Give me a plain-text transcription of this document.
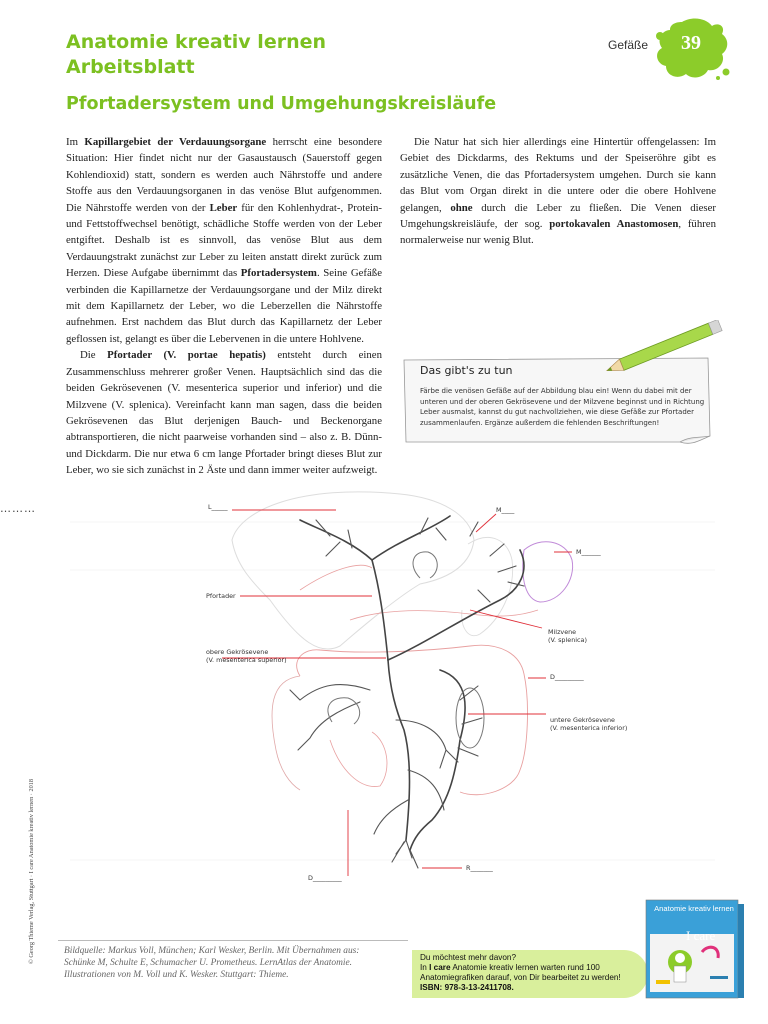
Anatomie kreativ lernen
Arbeitsblatt
Gefäße	39
Pfortadersystem und Umgehungskreisläufe

Im Kapillargebiet der Verdauungsorgane herrscht eine besondere Situation: Hier findet nicht nur der Gasaustausch (Sauerstoff gegen Kohlendioxid) statt, sondern es werden auch Nährstoffe und andere Stoffe aus den Verdauungsorganen in das venöse Blut aufgenommen. Die Nährstoffe werden von der Leber für den Kohlenhydrat-, Protein- und Fettstoffwechsel benötigt, schädliche Stoffe werden von der Leber entgiftet. Deshalb ist es sinnvoll, das venöse Blut aus dem Verdauungstrakt zunächst zur Leber zu leiten anstatt direkt zurück zum Herzen. Diese Aufgabe übernimmt das Pfortadersystem. Seine Gefäße verbinden die Kapillarnetze der Verdauungsorgane und der Milz direkt mit dem Kapillarnetz der Leber, wo die Leberzellen die Nährstoffe aufnehmen. Erst nachdem das Blut durch das Kapillarnetz der Leber geflossen ist, gelangt es über die Lebervenen in die untere Hohlvene.

Die Pfortader (V. portae hepatis) entsteht durch einen Zusammenschluss mehrerer großer Venen. Hauptsächlich sind das die beiden Gekrösevenen (V. mesenterica superior und inferior) und die Milzvene (V. splenica). Vereinfacht kann man sagen, dass die beiden Gekrösevenen das Blut derjenigen Bauch- und Beckenorgane abtransportieren, die nicht paarweise vorhanden sind – also z. B. Dünn- und Dickdarm. Die nur etwa 6 cm lange Pfortader bringt dieses Blut zur Leber, wo sie sich zunächst in 2 Äste und dann immer weiter aufzweigt.

Die Natur hat sich hier allerdings eine Hintertür offengelassen: Im Gebiet des Dickdarms, des Rektums und der Speiseröhre gibt es zusätzliche Venen, die das Pfortadersystem umgehen. Durch sie kann das Blut vom Organ direkt in die untere oder die obere Hohlvene gelangen, ohne durch die Leber zu fließen. Die Venen dieser Umgehungskreisläufe, der sog. portokavalen Anastomosen, führen normalerweise nur wenig Blut.

Das gibt's zu tun
Färbe die venösen Gefäße auf der Abbildung blau ein! Wenn du dabei mit der unteren und der oberen Gekrösevene und der Milzvene beginnst und in Richtung Leber ausmalst, kannst du gut nachvollziehen, wie diese Gefäße zur Pfortader zusammenlaufen. Ergänze außerdem die fehlenden Beschriftungen!
………	L_____	M____
M______
Pfortader
obere Gekrösevene
(V. mesenterica superior)
Milzvene
(V. splenica)
D_________
untere Gekrösevene
(V. mesenterica inferior)
R_______
D_________
© Georg Thieme Verlag, Stuttgart · I care Anatomie kreativ lernen · 2018	Bildquelle: Markus Voll, München; Karl Wesker, Berlin. Mit Übernahmen aus: Schünke M, Schulte E, Schumacher U. Prometheus. LernAtlas der Anatomie. Illustrationen von M. Voll und K. Wesker. Stuttgart: Thieme.
Du möchtest mehr davon?
In I care Anatomie kreativ lernen warten rund 100 Anatomiegrafiken darauf, von Dir bearbeitet zu werden!
ISBN: 978-3-13-2411708.
Anatomie kreativ lernen
I care
